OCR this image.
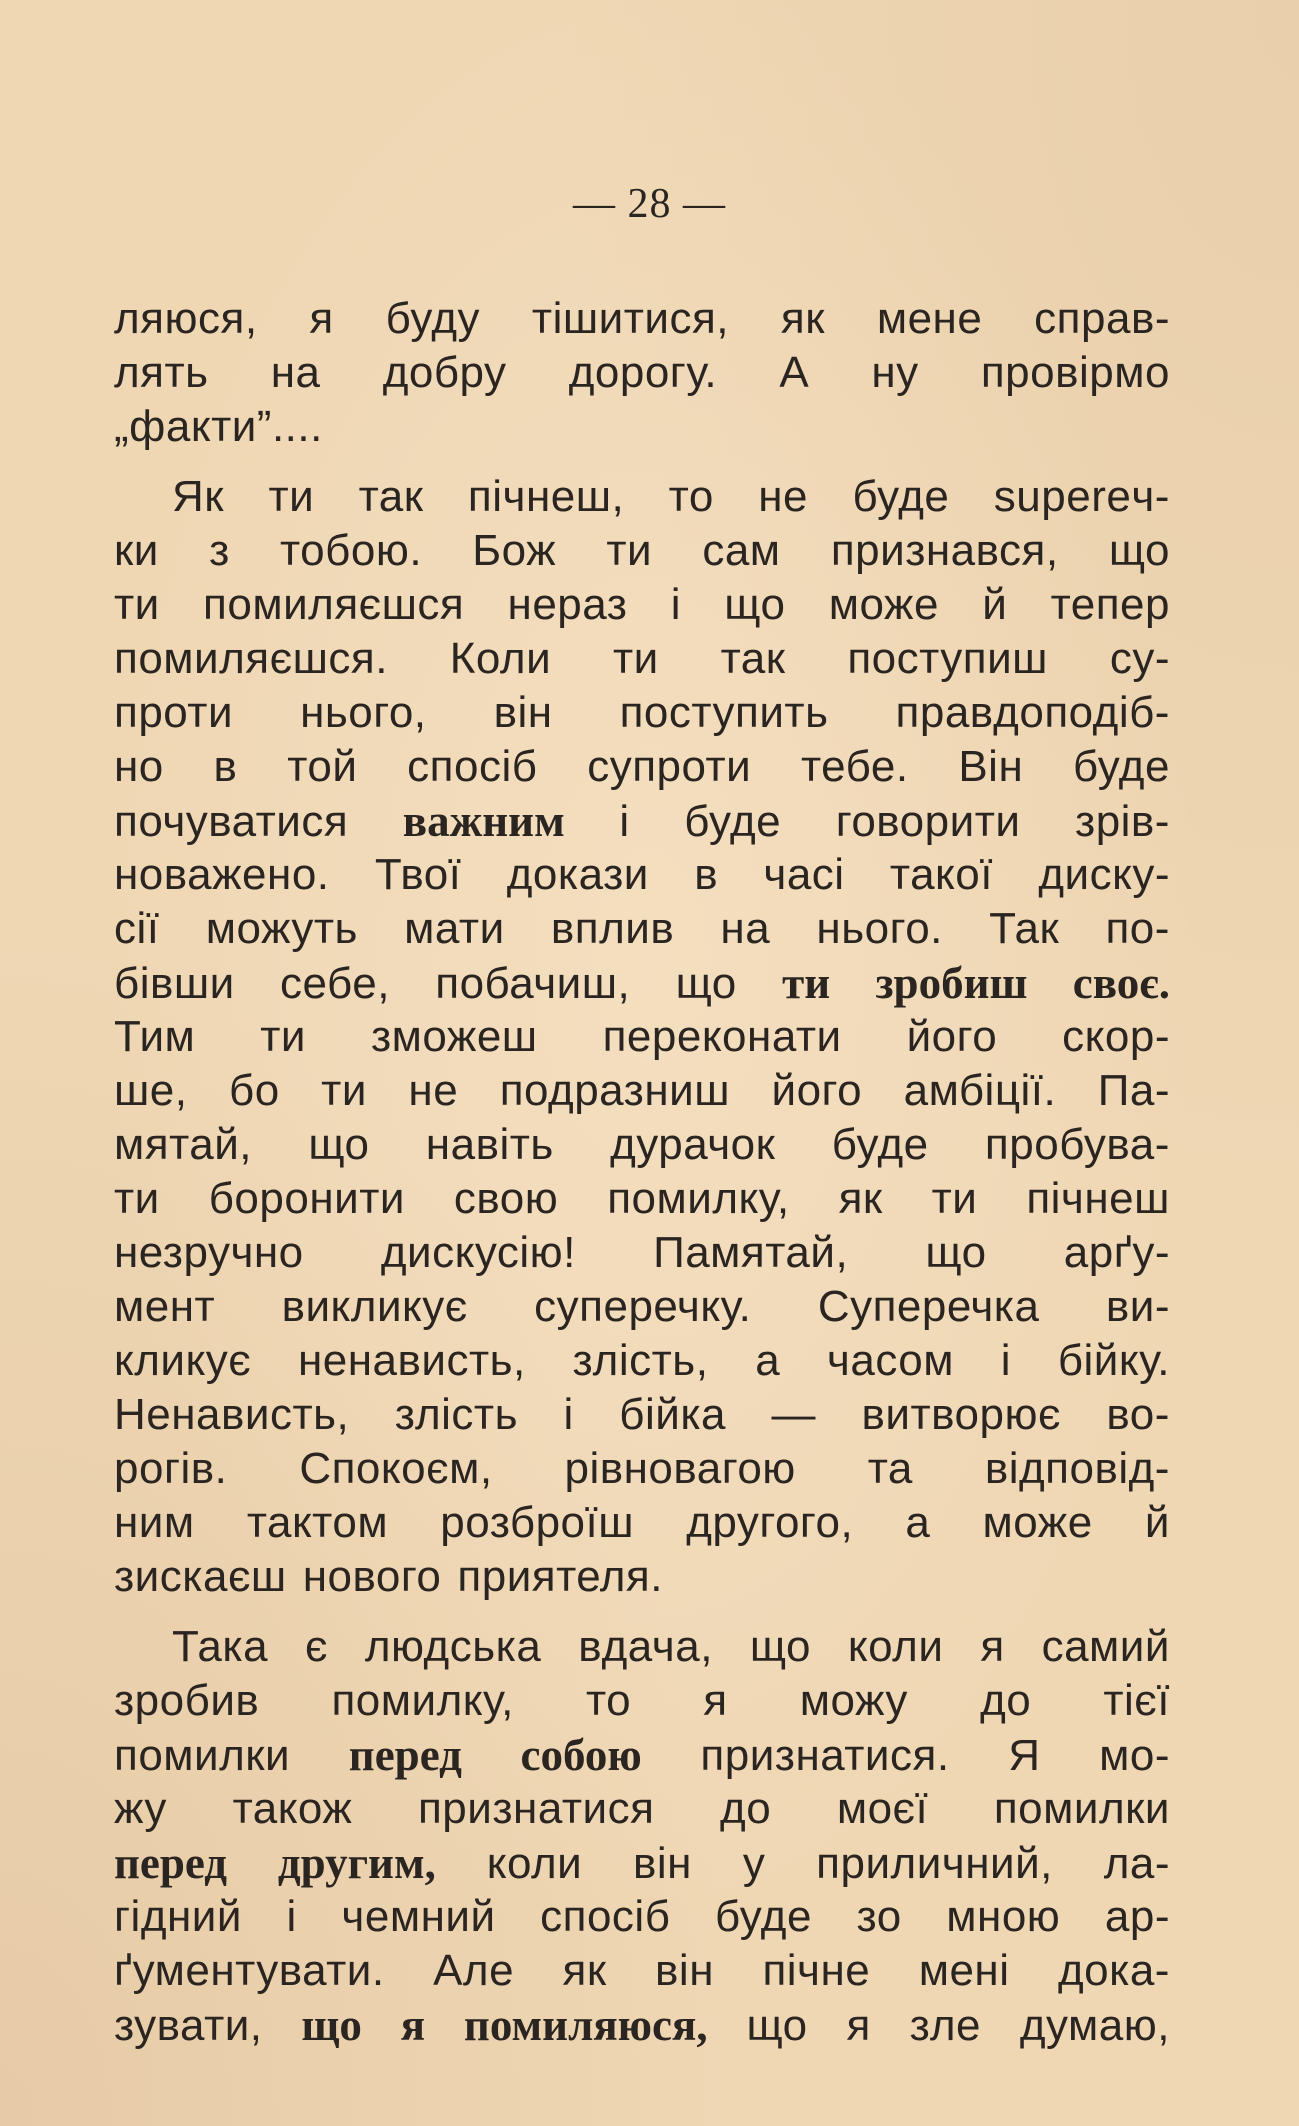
— 28 —
ляюся, я буду тішитися, як мене справ-
лять на добру дорогу. А ну провірмо
„факти”....
Як ти так пічнеш, то не буде supereч-
ки з тобою. Бож ти сам признався, що
ти помиляєшся нераз і що може й тепер
помиляєшся. Коли ти так поступиш су-
проти нього, він поступить правдоподіб-
но в той спосіб супроти тебе. Він буде
почуватися важним і буде говорити зрів-
новажено. Твої докази в часі такої диску-
сії можуть мати вплив на нього. Так по-
бівши себе, побачиш, що ти зробиш своє.
Тим ти зможеш переконати його скор-
ше, бо ти не подразниш його амбіції. Па-
мятай, що навіть дурачок буде пробува-
ти боронити свою помилку, як ти пічнеш
незручно дискусію! Памятай, що арґу-
мент викликує суперечку. Суперечка ви-
кликує ненависть, злість, а часом і бійку.
Ненависть, злість і бійка — витворює во-
рогів. Спокоєм, рівновагою та відповід-
ним тактом розброїш другого, а може й
зискаєш нового приятеля.
Така є людська вдача, що коли я самий
зробив помилку, то я можу до тієї
помилки перед собою признатися. Я мо-
жу також признатися до моєї помилки
перед другим, коли він у приличний, ла-
гідний і чемний спосіб буде зо мною ар-
ґументувати. Але як він пічне мені дока-
зувати, що я помиляюся, що я зле думаю,
